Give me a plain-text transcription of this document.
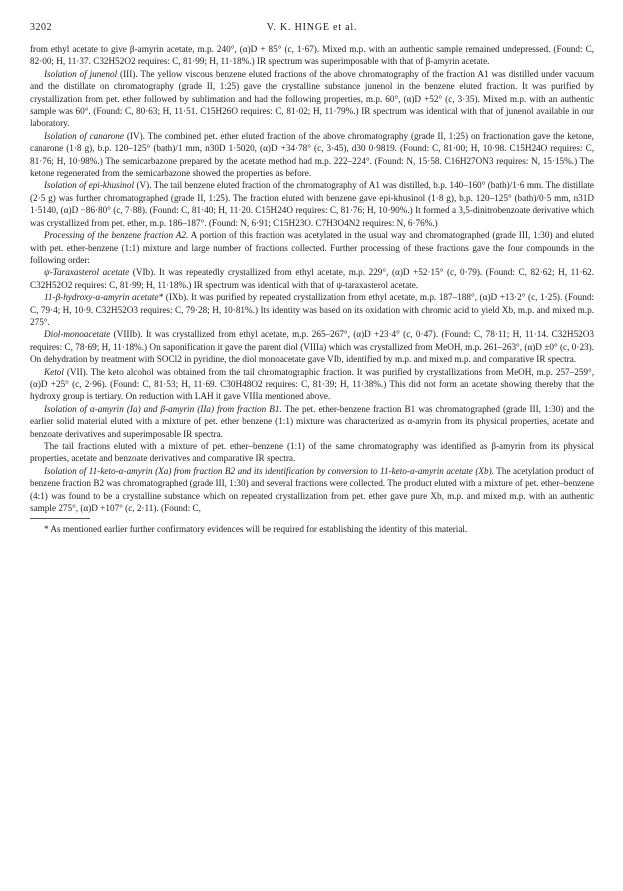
3202	V. K. HINGE et al.

from ethyl acetate to give β-amyrin acetate, m.p. 240°, (α)D + 85° (c, 1·67). Mixed m.p. with an authentic sample remained undepressed. (Found: C, 82·00; H, 11·37. C32H52O2 requires: C, 81·99; H, 11·18%.) IR spectrum was superimposable with that of β-amyrin acetate.

Isolation of junenol (III). The yellow viscous benzene eluted fractions of the above chromatography of the fraction A1 was distilled under vacuum and the distillate on chromatography (grade II, 1:25) gave the crystalline substance junenol in the benzene eluted fraction. It was purified by crystallization from pet. ether followed by sublimation and had the following properties, m.p. 60°, (α)D +52° (c, 3·35). Mixed m.p. with an authentic sample was 60°. (Found: C, 80·63; H, 11·51. C15H26O requires: C, 81·02; H, 11·79%.) IR spectrum was identical with that of junenol available in our laboratory.

Isolation of canarone (IV). The combined pet. ether eluted fraction of the above chromatography (grade II, 1:25) on fractionation gave the ketone, canarone (1·8 g), b.p. 120–125° (bath)/1 mm, n30D 1·5020, (α)D +34·78° (c, 3·45), d30 0·9819. (Found: C, 81·00; H, 10·98. C15H24O requires: C, 81·76; H, 10·98%.) The semicarbazone prepared by the acetate method had m.p. 222–224°. (Found: N, 15·58. C16H27ON3 requires: N, 15·15%.) The ketone regenerated from the semicarbazone showed the properties as before.

Isolation of epi-khusinol (V). The tail benzene eluted fraction of the chromatography of A1 was distilled, b.p. 140–160° (bath)/1·6 mm. The distillate (2·5 g) was further chromatographed (grade II, 1:25). The fraction eluted with benzene gave epi-khusinol (1·8 g), b.p. 120–125° (bath)/0·5 mm, n31D 1·5140, (α)D −86·80° (c, 7·88). (Found: C, 81·40; H, 11·20. C15H24O requires: C, 81·76; H, 10·90%.) It formed a 3,5-dinitrobenzoate derivative which was crystallized from pet. ether, m.p. 186–187°. (Found: N, 6·91; C15H23O. C7H3O4N2 requires: N, 6·76%.)

Processing of the benzene fraction A2. A portion of this fraction was acetylated in the usual way and chromatographed (grade III, 1:30) and eluted with pet. ether-benzene (1:1) mixture and large number of fractions collected. Further processing of these fractions gave the four compounds in the following order:

ψ-Taraxasterol acetate (VIb). It was repeatedly crystallized from ethyl acetate, m.p. 229°, (α)D +52·15° (c, 0·79). (Found: C, 82·62; H, 11·62. C32H52O2 requires: C, 81·99; H, 11·18%.) IR spectrum was identical with that of ψ-taraxasterol acetate.

11-β-hydroxy-α-amyrin acetate* (IXb). It was purified by repeated crystallization from ethyl acetate, m.p. 187–188°, (α)D +13·2° (c, 1·25). (Found: C, 79·4; H, 10·9. C32H52O3 requires: C, 79·28; H, 10·81%.) Its identity was based on its oxidation with chromic acid to yield Xb, m.p. and mixed m.p. 275°.

Diol-monoacetate (VIIIb). It was crystallized from ethyl acetate, m.p. 265–267°, (α)D +23·4° (c, 0·47). (Found: C, 78·11; H, 11·14. C32H52O3 requires: C, 78·69; H, 11·18%.) On saponification it gave the parent diol (VIIIa) which was crystallized from MeOH, m.p. 261–263°, (α)D ±0° (c, 0·23). On dehydration by treatment with SOCl2 in pyridine, the diol monoacetate gave VIb, identified by m.p. and mixed m.p. and comparative IR spectra.

Ketol (VII). The keto alcohol was obtained from the tail chromatographic fraction. It was purified by crystallizations from MeOH, m.p. 257–259°, (α)D +25° (c, 2·96). (Found: C, 81·53; H, 11·69. C30H48O2 requires: C, 81·39; H, 11·38%.) This did not form an acetate showing thereby that the hydroxy group is tertiary. On reduction with LAH it gave VIIIa mentioned above.

Isolation of α-amyrin (Ia) and β-amyrin (IIa) from fraction B1. The pet. ether-benzene fraction B1 was chromatographed (grade III, 1:30) and the earlier solid material eluted with a mixture of pet. ether benzene (1:1) mixture was characterized as α-amyrin from its physical properties, acetate and benzoate derivatives and superimposable IR spectra.

The tail fractions eluted with a mixture of pet. ether–benzene (1:1) of the same chromatography was identified as β-amyrin from its physical properties, acetate and benzoate derivatives and comparative IR spectra.

Isolation of 11-keto-α-amyrin (Xa) from fraction B2 and its identification by conversion to 11-keto-α-amyrin acetate (Xb). The acetylation product of benzene fraction B2 was chromatographed (grade III, 1:30) and several fractions were collected. The product eluted with a mixture of pet. ether–benzene (4:1) was found to be a crystalline substance which on repeated crystallization from pet. ether gave pure Xb, m.p. and mixed m.p. with an authentic sample 275°, (α)D +107° (c, 2·11). (Found: C,

* As mentioned earlier further confirmatory evidences will be required for establishing the identity of this material.
